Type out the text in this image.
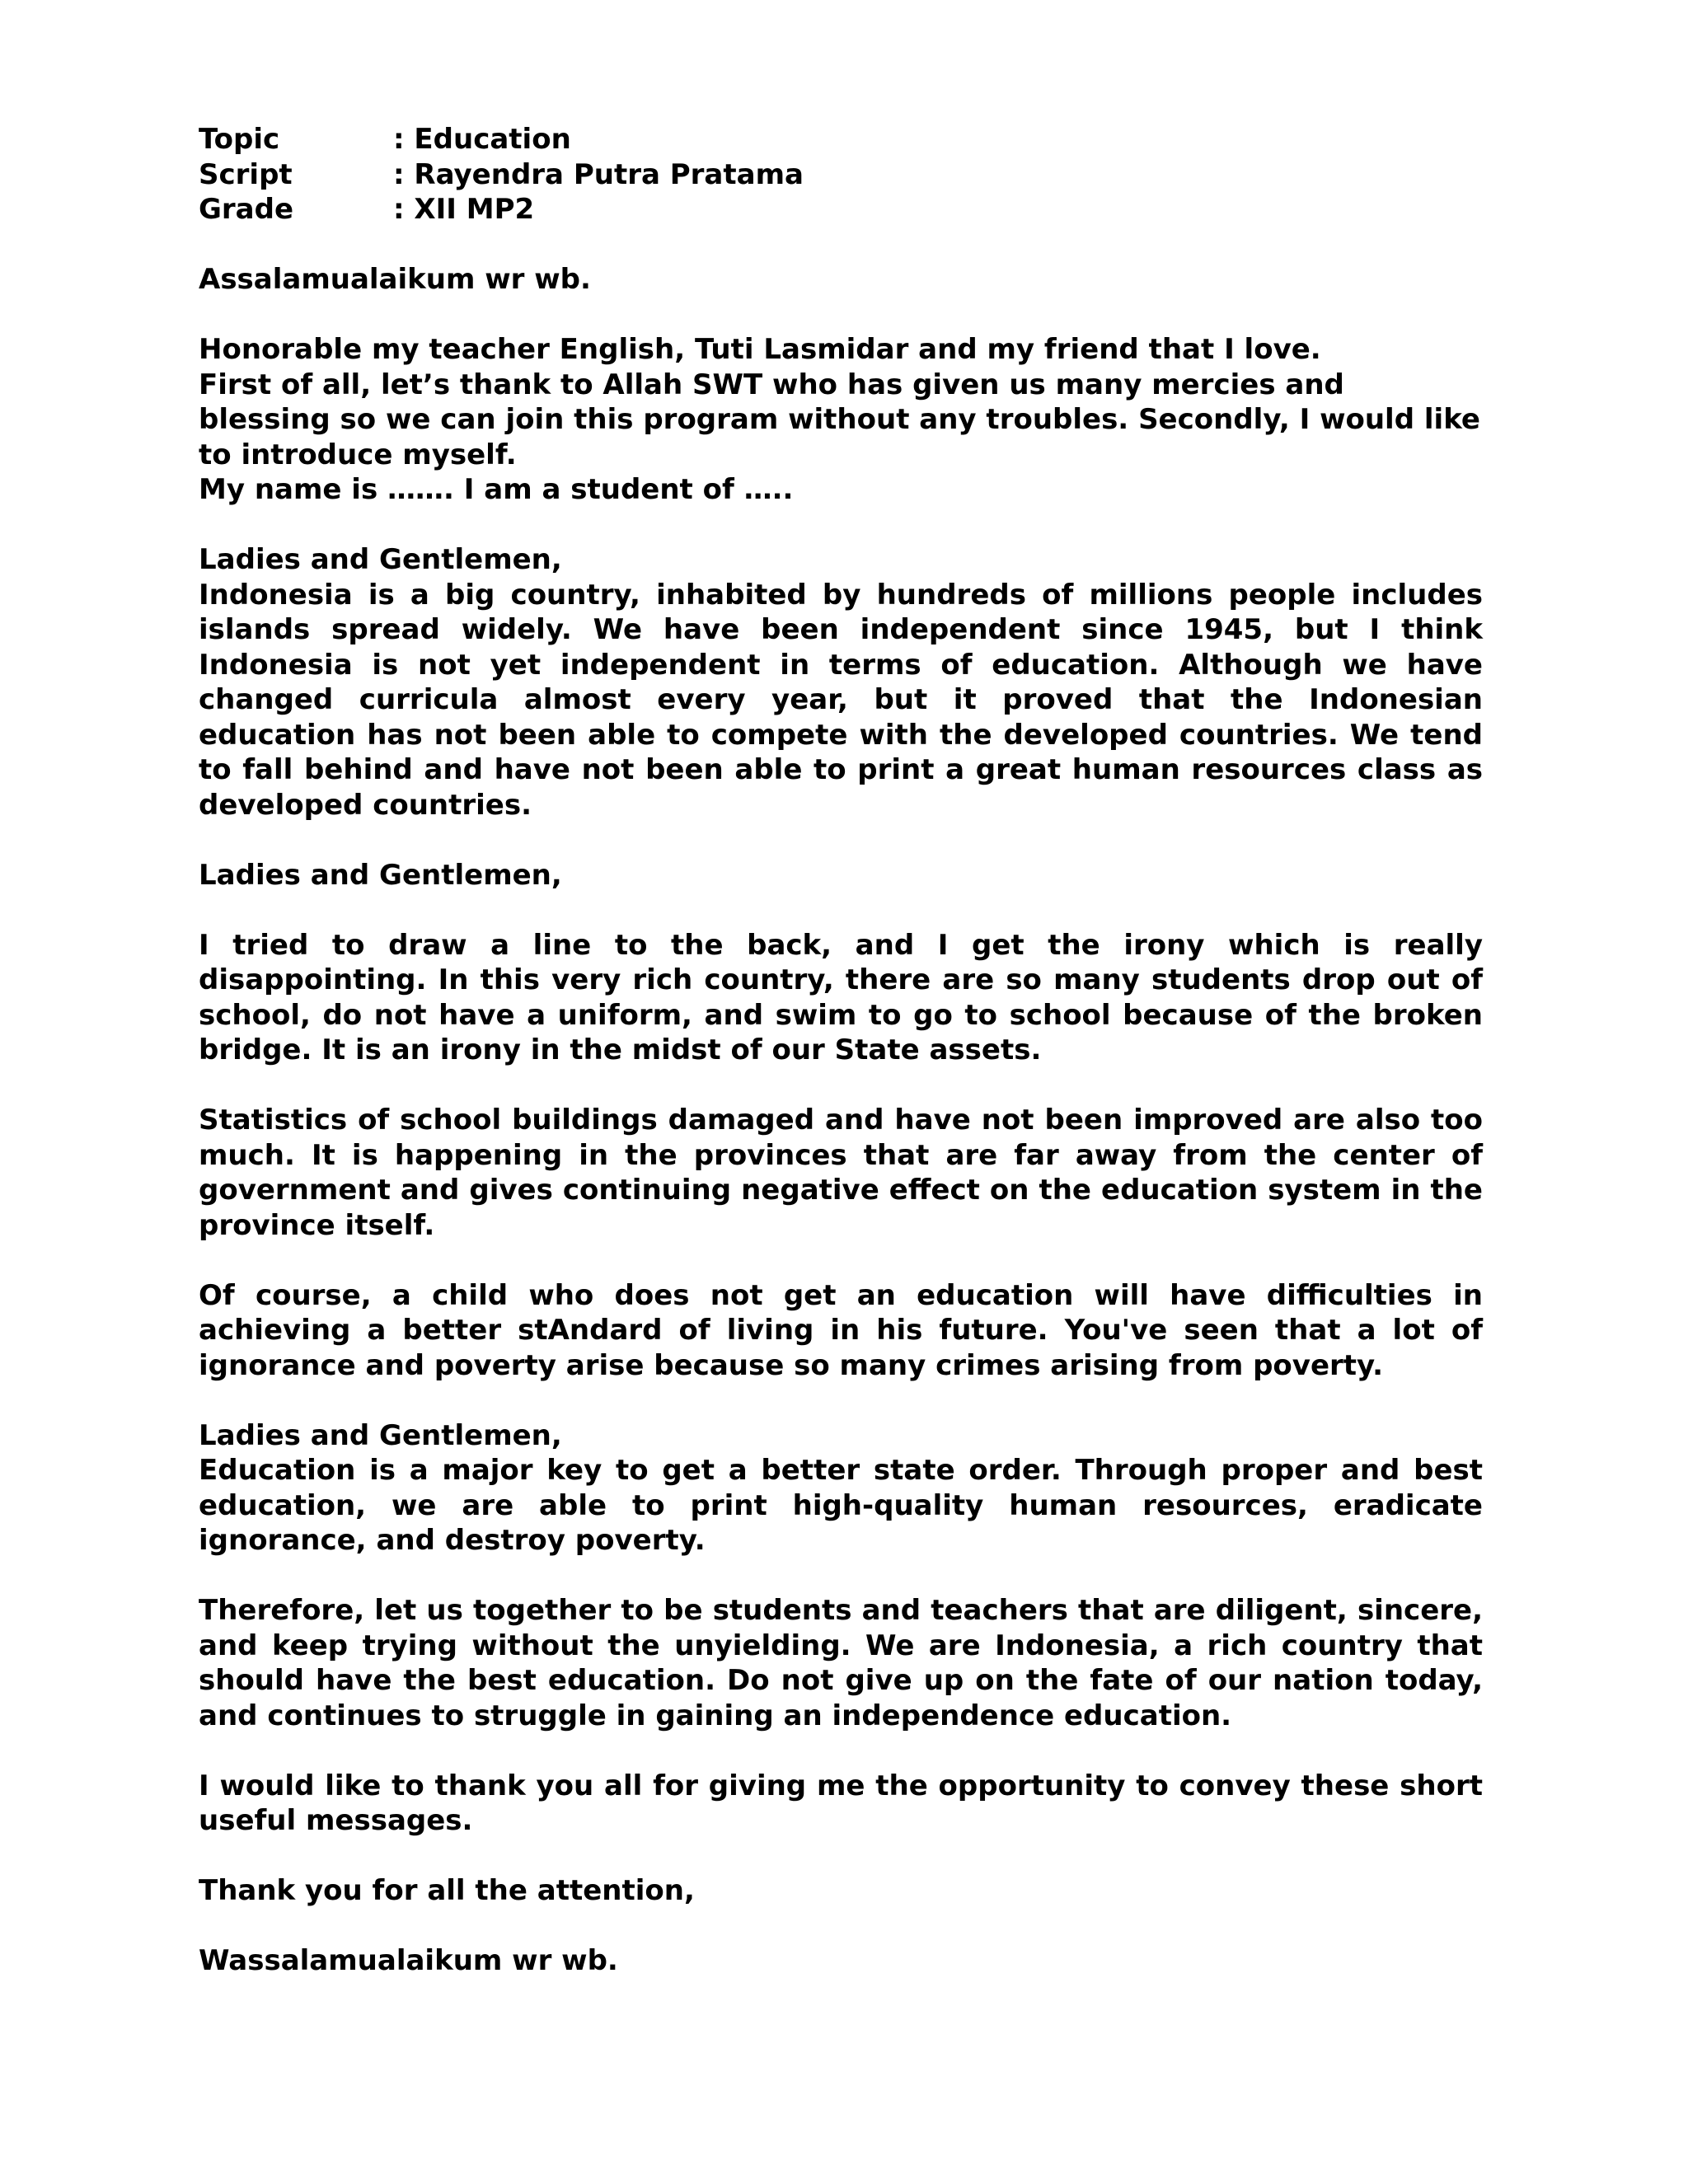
Topic	: Education
Script	: Rayendra Putra Pratama
Grade	: XII MP2

Assalamualaikum wr wb.

Honorable my teacher English, Tuti Lasmidar and my friend that I love.

First of all, let’s thank to Allah SWT who has given us many mercies and blessing so we can join this program without any troubles. Secondly, I would like to introduce myself.

My name is ……. I am a student of …..

Ladies and Gentlemen,

Indonesia is a big country, inhabited by hundreds of millions people includes islands spread widely. We have been independent since 1945, but I think Indonesia is not yet independent in terms of education. Although we have changed curricula almost every year, but it proved that the Indonesian education has not been able to compete with the developed countries. We tend to fall behind and have not been able to print a great human resources class as developed countries.

Ladies and Gentlemen,

I tried to draw a line to the back, and I get the irony which is really disappointing. In this very rich country, there are so many students drop out of school, do not have a uniform, and swim to go to school because of the broken bridge. It is an irony in the midst of our State assets.

Statistics of school buildings damaged and have not been improved are also too much. It is happening in the provinces that are far away from the center of government and gives continuing negative effect on the education system in the province itself.

Of course, a child who does not get an education will have difficulties in achieving a better stAndard of living in his future. You've seen that a lot of ignorance and poverty arise because so many crimes arising from poverty.

Ladies and Gentlemen,

Education is a major key to get a better state order. Through proper and best education, we are able to print high-quality human resources, eradicate ignorance, and destroy poverty.

Therefore, let us together to be students and teachers that are diligent, sincere, and keep trying without the unyielding. We are Indonesia, a rich country that should have the best education. Do not give up on the fate of our nation today, and continues to struggle in gaining an independence education.

I would like to thank you all for giving me the opportunity to convey these short useful messages.

Thank you for all the attention,

Wassalamualaikum wr wb.
